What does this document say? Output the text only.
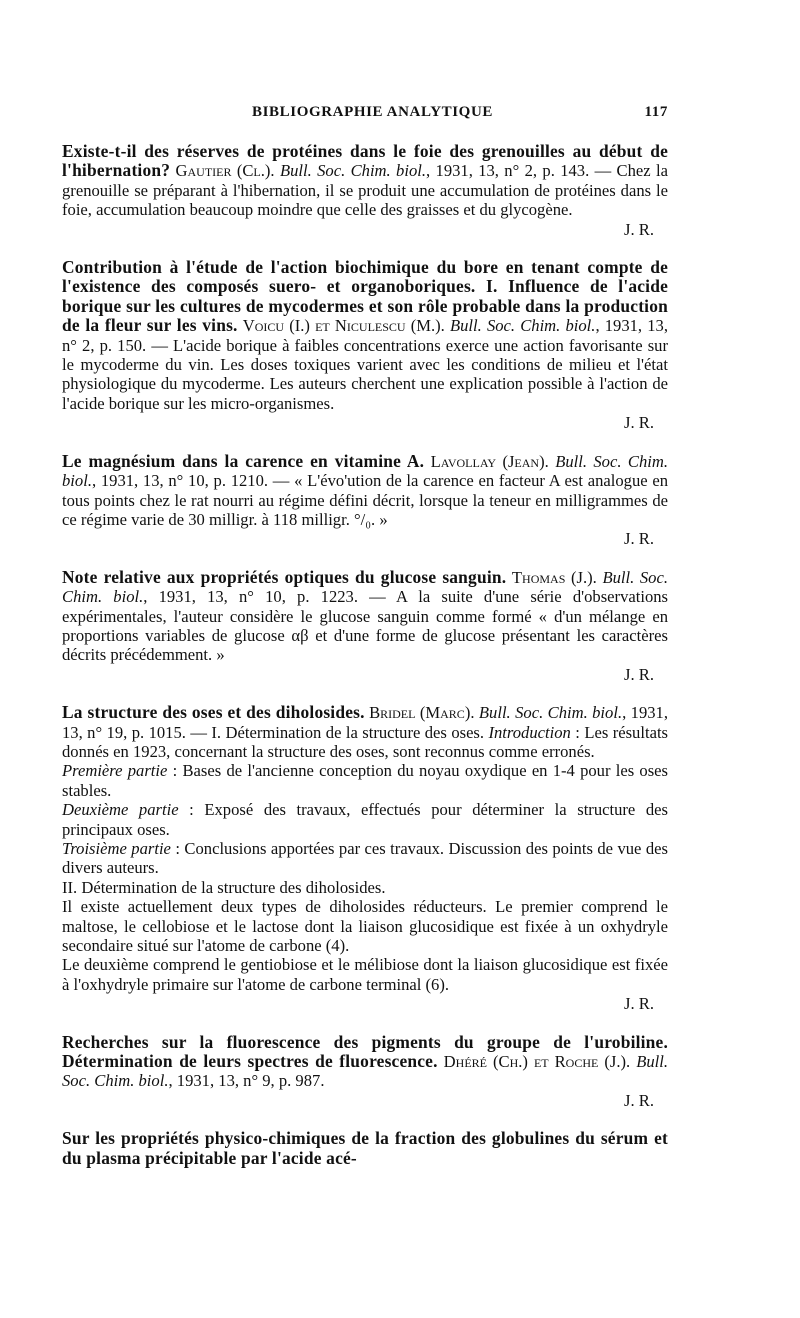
BIBLIOGRAPHIE ANALYTIQUE	117

Existe-t-il des réserves de protéines dans le foie des grenouilles au début de l'hibernation? Gautier (Cl.). Bull. Soc. Chim. biol., 1931, 13, n° 2, p. 143. — Chez la grenouille se préparant à l'hibernation, il se produit une accumulation de protéines dans le foie, accumulation beaucoup moindre que celle des graisses et du glycogène.

J. R.

Contribution à l'étude de l'action biochimique du bore en tenant compte de l'existence des composés suero- et organoboriques. I. Influence de l'acide borique sur les cultures de mycodermes et son rôle probable dans la production de la fleur sur les vins. Voicu (I.) et Niculescu (M.). Bull. Soc. Chim. biol., 1931, 13, n° 2, p. 150. — L'acide borique à faibles concentrations exerce une action favorisante sur le mycoderme du vin. Les doses toxiques varient avec les conditions de milieu et l'état physiologique du mycoderme. Les auteurs cherchent une explication possible à l'action de l'acide borique sur les micro-organismes.

J. R.

Le magnésium dans la carence en vitamine A. Lavollay (Jean). Bull. Soc. Chim. biol., 1931, 13, n° 10, p. 1210. — « L'évo'ution de la carence en facteur A est analogue en tous points chez le rat nourri au régime défini décrit, lorsque la teneur en milligrammes de ce régime varie de 30 milligr. à 118 milligr. °/₀. »

J. R.

Note relative aux propriétés optiques du glucose sanguin. Thomas (J.). Bull. Soc. Chim. biol., 1931, 13, n° 10, p. 1223. — A la suite d'une série d'observations expérimentales, l'auteur considère le glucose sanguin comme formé « d'un mélange en proportions variables de glucose αβ et d'une forme de glucose présentant les caractères décrits précédemment. »

J. R.

La structure des oses et des diholosides. Bridel (Marc). Bull. Soc. Chim. biol., 1931, 13, n° 19, p. 1015. — I. Détermination de la structure des oses. Introduction : Les résultats donnés en 1923, concernant la structure des oses, sont reconnus comme erronés.

Première partie : Bases de l'ancienne conception du noyau oxydique en 1-4 pour les oses stables.

Deuxième partie : Exposé des travaux, effectués pour déterminer la structure des principaux oses.

Troisième partie : Conclusions apportées par ces travaux. Discussion des points de vue des divers auteurs.

II. Détermination de la structure des diholosides.

Il existe actuellement deux types de diholosides réducteurs. Le premier comprend le maltose, le cellobiose et le lactose dont la liaison glucosidique est fixée à un oxhydryle secondaire situé sur l'atome de carbone (4).

Le deuxième comprend le gentiobiose et le mélibiose dont la liaison glucosidique est fixée à l'oxhydryle primaire sur l'atome de carbone terminal (6).

J. R.

Recherches sur la fluorescence des pigments du groupe de l'urobiline. Détermination de leurs spectres de fluorescence. Dhéré (Ch.) et Roche (J.). Bull. Soc. Chim. biol., 1931, 13, n° 9, p. 987.

J. R.

Sur les propriétés physico-chimiques de la fraction des globulines du sérum et du plasma précipitable par l'acide acé-
